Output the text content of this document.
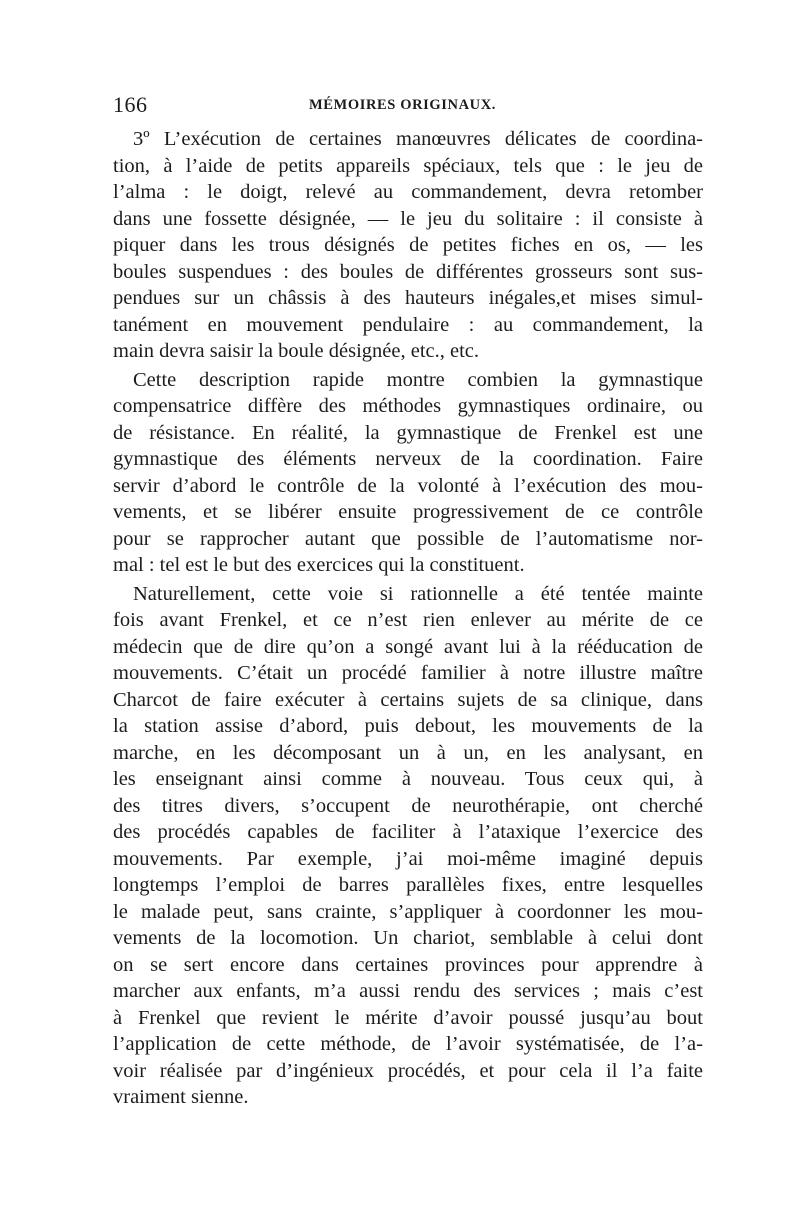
166	MÉMOIRES ORIGINAUX.
3º L’exécution de certaines manœuvres délicates de coordina-
tion, à l’aide de petits appareils spéciaux, tels que : le jeu de
l’alma : le doigt, relevé au commandement, devra retomber
dans une fossette désignée, — le jeu du solitaire : il consiste à
piquer dans les trous désignés de petites fiches en os, — les
boules suspendues : des boules de différentes grosseurs sont sus-
pendues sur un châssis à des hauteurs inégales,et mises simul-
tanément en mouvement pendulaire : au commandement, la
main devra saisir la boule désignée, etc., etc.
Cette description rapide montre combien la gymnastique
compensatrice diffère des méthodes gymnastiques ordinaire, ou
de résistance. En réalité, la gymnastique de Frenkel est une
gymnastique des éléments nerveux de la coordination. Faire
servir d’abord le contrôle de la volonté à l’exécution des mou-
vements, et se libérer ensuite progressivement de ce contrôle
pour se rapprocher autant que possible de l’automatisme nor-
mal : tel est le but des exercices qui la constituent.
Naturellement, cette voie si rationnelle a été tentée mainte
fois avant Frenkel, et ce n’est rien enlever au mérite de ce
médecin que de dire qu’on a songé avant lui à la rééducation de
mouvements. C’était un procédé familier à notre illustre maître
Charcot de faire exécuter à certains sujets de sa clinique, dans
la station assise d’abord, puis debout, les mouvements de la
marche, en les décomposant un à un, en les analysant, en
les enseignant ainsi comme à nouveau. Tous ceux qui, à
des titres divers, s’occupent de neurothérapie, ont cherché
des procédés capables de faciliter à l’ataxique l’exercice des
mouvements. Par exemple, j’ai moi-même imaginé depuis
longtemps l’emploi de barres parallèles fixes, entre lesquelles
le malade peut, sans crainte, s’appliquer à coordonner les mou-
vements de la locomotion. Un chariot, semblable à celui dont
on se sert encore dans certaines provinces pour apprendre à
marcher aux enfants, m’a aussi rendu des services ; mais c’est
à Frenkel que revient le mérite d’avoir poussé jusqu’au bout
l’application de cette méthode, de l’avoir systématisée, de l’a-
voir réalisée par d’ingénieux procédés, et pour cela il l’a faite
vraiment sienne.
